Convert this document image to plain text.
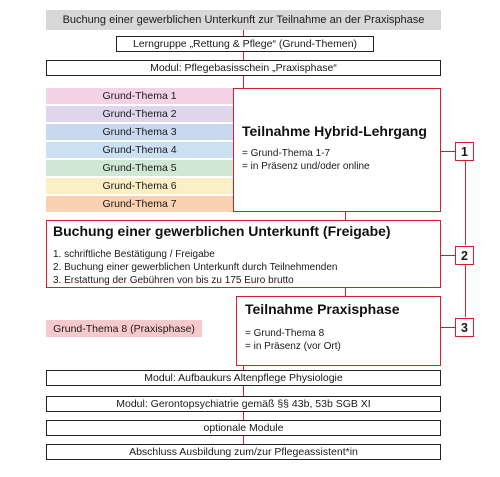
Buchung einer gewerblichen Unterkunft zur Teilnahme an der Praxisphase
Lerngruppe „Rettung & Pflege“ (Grund-Themen)
Modul: Pflegebasisschein „Praxisphase“
Grund-Thema 1
Grund-Thema 2
Grund-Thema 3
Grund-Thema 4
Grund-Thema 5
Grund-Thema 6
Grund-Thema 7
Teilnahme Hybrid-Lehrgang
= Grund-Thema 1-7
= in Präsenz und/oder online
Buchung einer gewerblichen Unterkunft (Freigabe)
1. schriftliche Bestätigung / Freigabe
2. Buchung einer gewerblichen Unterkunft durch Teilnehmenden
3. Erstattung der Gebühren von bis zu 175 Euro brutto
Grund-Thema 8 (Praxisphase)
Teilnahme Praxisphase
= Grund-Thema 8
= in Präsenz (vor Ort)
1
2
3
Modul: Aufbaukurs Altenpflege Physiologie
Modul: Gerontopsychiatrie gemäß §§ 43b, 53b SGB XI
optionale Module
Abschluss Ausbildung zum/zur Pflegeassistent*in
